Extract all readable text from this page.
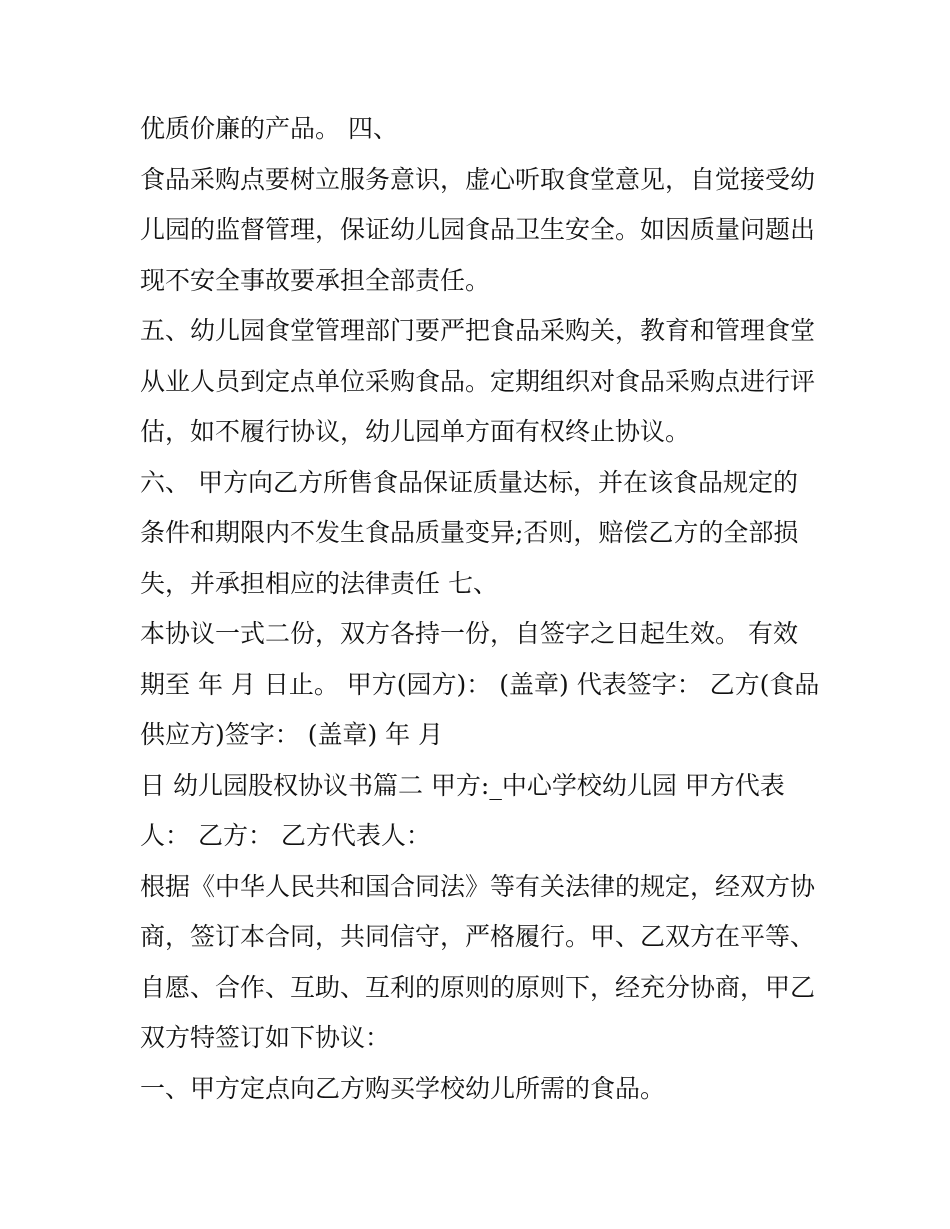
优质价廉的产品。 四、

食品采购点要树立服务意识，虚心听取食堂意见，自觉接受幼

儿园的监督管理，保证幼儿园食品卫生安全。如因质量问题出

现不安全事故要承担全部责任。

五、幼儿园食堂管理部门要严把食品采购关，教育和管理食堂

从业人员到定点单位采购食品。定期组织对食品采购点进行评

估，如不履行协议，幼儿园单方面有权终止协议。

六、 甲方向乙方所售食品保证质量达标，并在该食品规定的

条件和期限内不发生食品质量变异;否则，赔偿乙方的全部损

失，并承担相应的法律责任 七、

本协议一式二份，双方各持一份，自签字之日起生效。 有效

期至 年 月 日止。 甲方(园方)： (盖章) 代表签字： 乙方(食品

供应方)签字： (盖章) 年 月

日 幼儿园股权协议书篇二 甲方:_中心学校幼儿园 甲方代表

人： 乙方： 乙方代表人：

根据《中华人民共和国合同法》等有关法律的规定，经双方协

商，签订本合同，共同信守，严格履行。甲、乙双方在平等、

自愿、合作、互助、互利的原则的原则下，经充分协商，甲乙

双方特签订如下协议：

一、甲方定点向乙方购买学校幼儿所需的食品。
